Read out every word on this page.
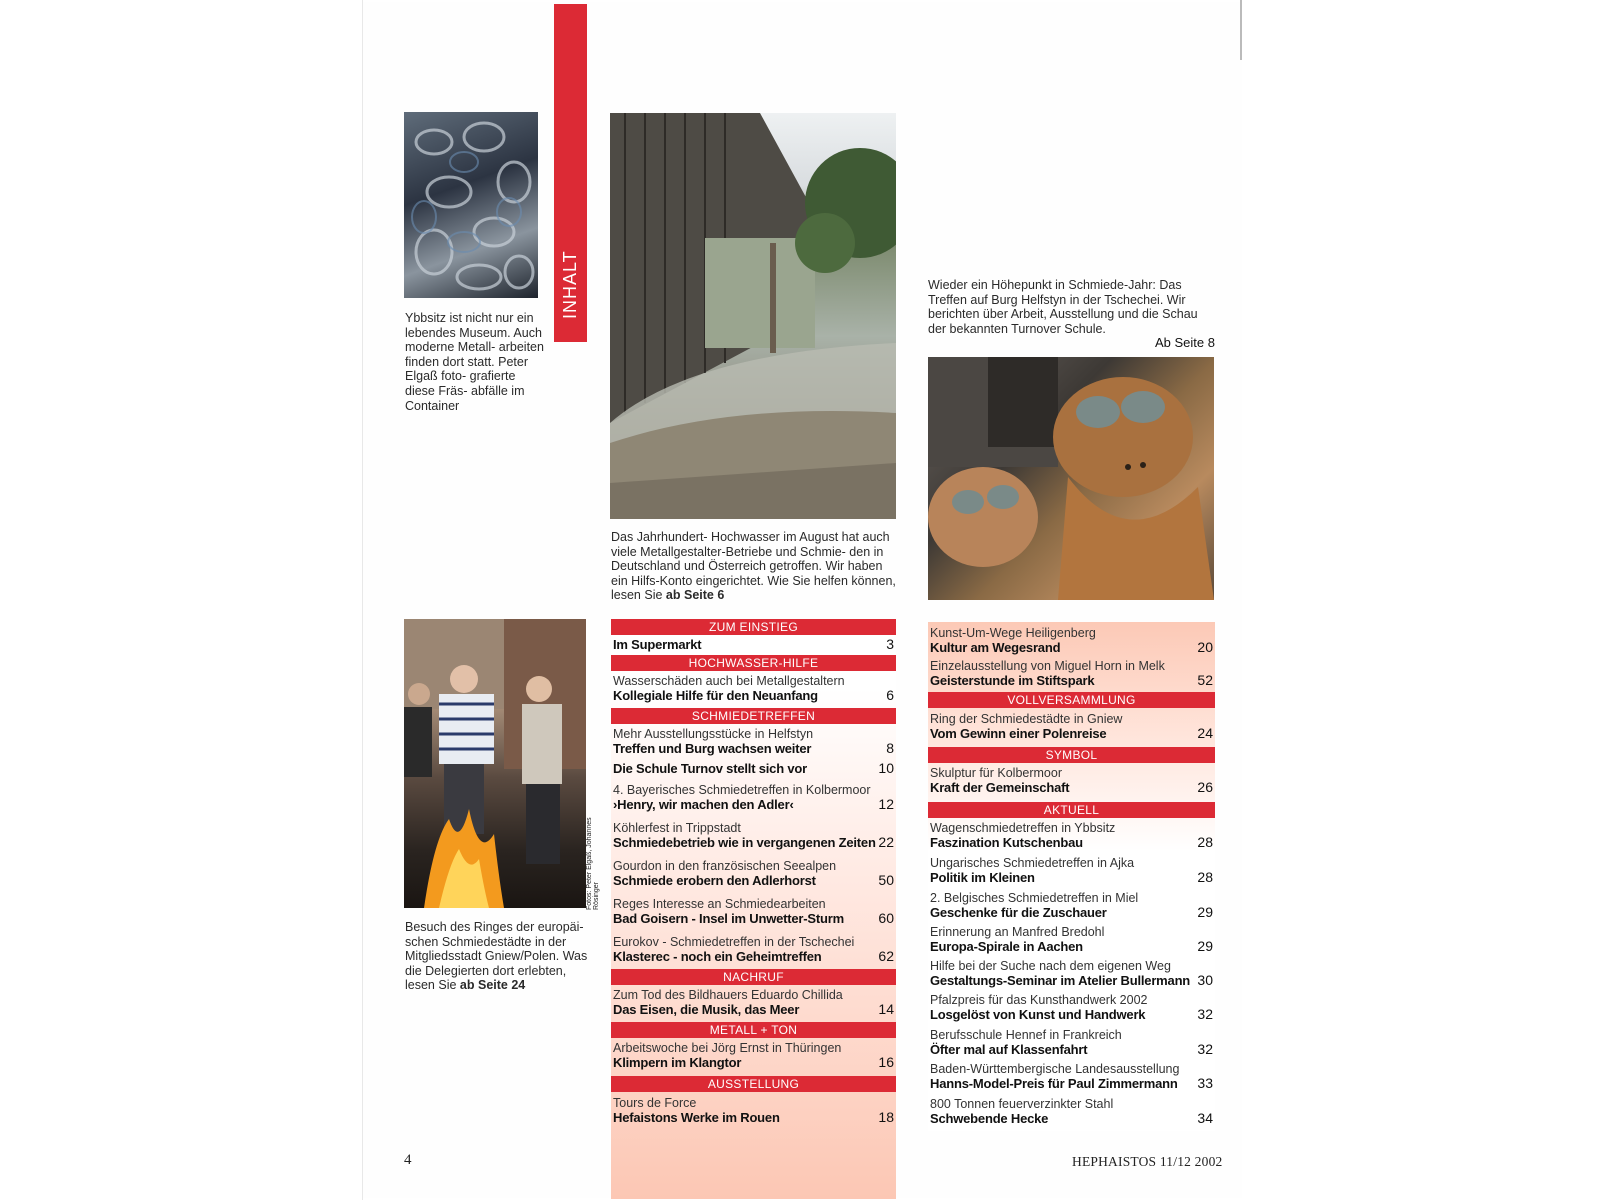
INHALT
Fotos: Peter Elgaß, Johannes Rösinger
Ybbsitz ist nicht nur ein lebendes Museum. Auch moderne Metall- arbeiten finden dort statt. Peter Elgaß foto- grafierte diese Fräs- abfälle im Container
Das Jahrhundert- Hochwasser im August hat auch viele Metallgestalter-Betriebe und Schmie- den in Deutschland und Österreich getroffen. Wir haben ein Hilfs-Konto eingerichtet. Wie Sie helfen können, lesen Sie ab Seite 6
Wieder ein Höhepunkt in Schmiede-Jahr: Das Treffen auf Burg Helfstyn in der Tschechei. Wir berichten über Arbeit, Ausstellung und die Schau der bekannten Turnover Schule.
Ab Seite 8
Besuch des Ringes der europäi- schen Schmiedestädte in der Mitgliedsstadt Gniew/Polen. Was die Delegierten dort erlebten, lesen Sie ab Seite 24
ZUM EINSTIEG
Im Supermarkt	3
HOCHWASSER-HILFE
Wasserschäden auch bei Metallgestaltern
Kollegiale Hilfe für den Neuanfang	6
SCHMIEDETREFFEN
Mehr Ausstellungsstücke in Helfstyn
Treffen und Burg wachsen weiter	8
Die Schule Turnov stellt sich vor	10
4. Bayerisches Schmiedetreffen in Kolbermoor
›Henry, wir machen den Adler‹	12
Köhlerfest in Trippstadt
Schmiedebetrieb wie in vergangenen Zeiten 22
Gourdon in den französischen Seealpen
Schmiede erobern den Adlerhorst	50
Reges Interesse an Schmiedearbeiten
Bad Goisern - Insel im Unwetter-Sturm 60
Eurokov - Schmiedetreffen in der Tschechei
Klasterec - noch ein Geheimtreffen	62
NACHRUF
Zum Tod des Bildhauers Eduardo Chillida
Das Eisen, die Musik, das Meer	14
METALL + TON
Arbeitswoche bei Jörg Ernst in Thüringen
Klimpern im Klangtor	16
AUSSTELLUNG
Tours de Force
Hefaistons Werke im Rouen	18
Kunst-Um-Wege Heiligenberg
Kultur am Wegesrand	20
Einzelausstellung von Miguel Horn in Melk
Geisterstunde im Stiftspark	52
VOLLVERSAMMLUNG
Ring der Schmiedestädte in Gniew
Vom Gewinn einer Polenreise	24
SYMBOL
Skulptur für Kolbermoor
Kraft der Gemeinschaft	26
AKTUELL
Wagenschmiedetreffen in Ybbsitz
Faszination Kutschenbau	28
Ungarisches Schmiedetreffen in Ajka
Politik im Kleinen	28
2. Belgisches Schmiedetreffen in Miel
Geschenke für die Zuschauer	29
Erinnerung an Manfred Bredohl
Europa-Spirale in Aachen	29
Hilfe bei der Suche nach dem eigenen Weg
Gestaltungs-Seminar im Atelier Bullermann 30
Pfalzpreis für das Kunsthandwerk 2002
Losgelöst von Kunst und Handwerk	32
Berufsschule Hennef in Frankreich
Öfter mal auf Klassenfahrt	32
Baden-Württembergische Landesausstellung
Hanns-Model-Preis für Paul Zimmermann 33
800 Tonnen feuerverzinkter Stahl
Schwebende Hecke	34
4	HEPHAISTOS 11/12 2002
